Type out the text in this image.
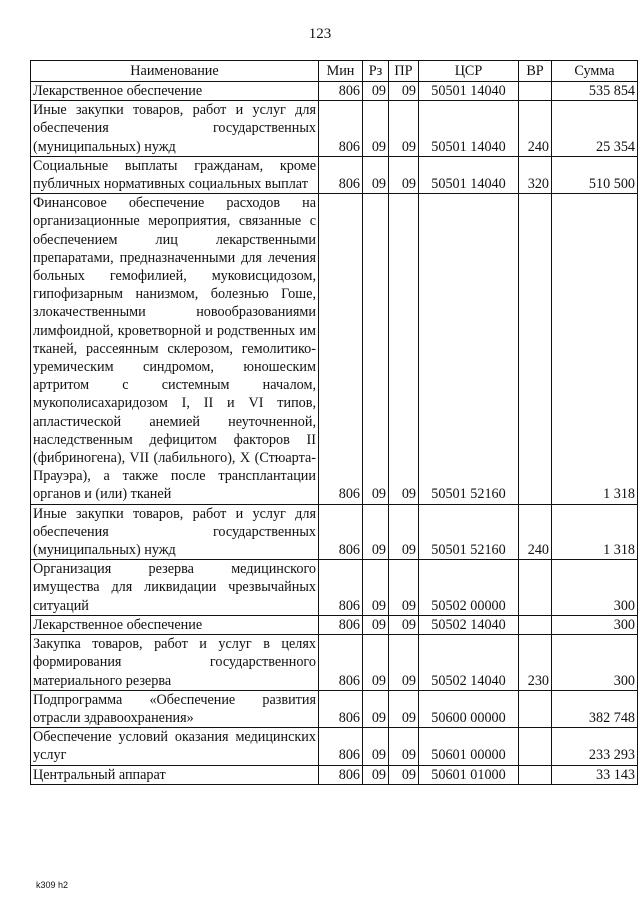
123
Наименование	Мин	Рз	ПР	ЦСР	ВР	Сумма
Лекарственное обеспечение	806	09	09	50501 14040		535 854
Иные закупки товаров, работ и услуг для обеспечения государственных (муниципальных) нужд	806	09	09	50501 14040	240	25 354
Социальные выплаты гражданам, кроме публичных нормативных социальных выплат	806	09	09	50501 14040	320	510 500
Финансовое обеспечение расходов на организационные мероприятия, связанные с обеспечением лиц лекарственными препаратами, предназначенными для лечения больных гемофилией, муковисцидозом, гипофизарным нанизмом, болезнью Гоше, злокачественными новообразованиями лимфоидной, кроветворной и родственных им тканей, рассеянным склерозом, гемолитико-уремическим синдромом, юношеским артритом с системным началом, мукополисахаридозом I, II и VI типов, апластической анемией неуточненной, наследственным дефицитом факторов II (фибриногена), VII (лабильного), X (Стюарта-Прауэра), а также после трансплантации органов и (или) тканей	806	09	09	50501 52160		1 318
Иные закупки товаров, работ и услуг для обеспечения государственных (муниципальных) нужд	806	09	09	50501 52160	240	1 318
Организация резерва медицинского имущества для ликвидации чрезвычайных ситуаций	806	09	09	50502 00000		300
Лекарственное обеспечение	806	09	09	50502 14040		300
Закупка товаров, работ и услуг в целях формирования государственного материального резерва	806	09	09	50502 14040	230	300
Подпрограмма «Обеспечение развития отрасли здравоохранения»	806	09	09	50600 00000		382 748
Обеспечение условий оказания медицинских услуг	806	09	09	50601 00000		233 293
Центральный аппарат	806	09	09	50601 01000		33 143
k309 h2
